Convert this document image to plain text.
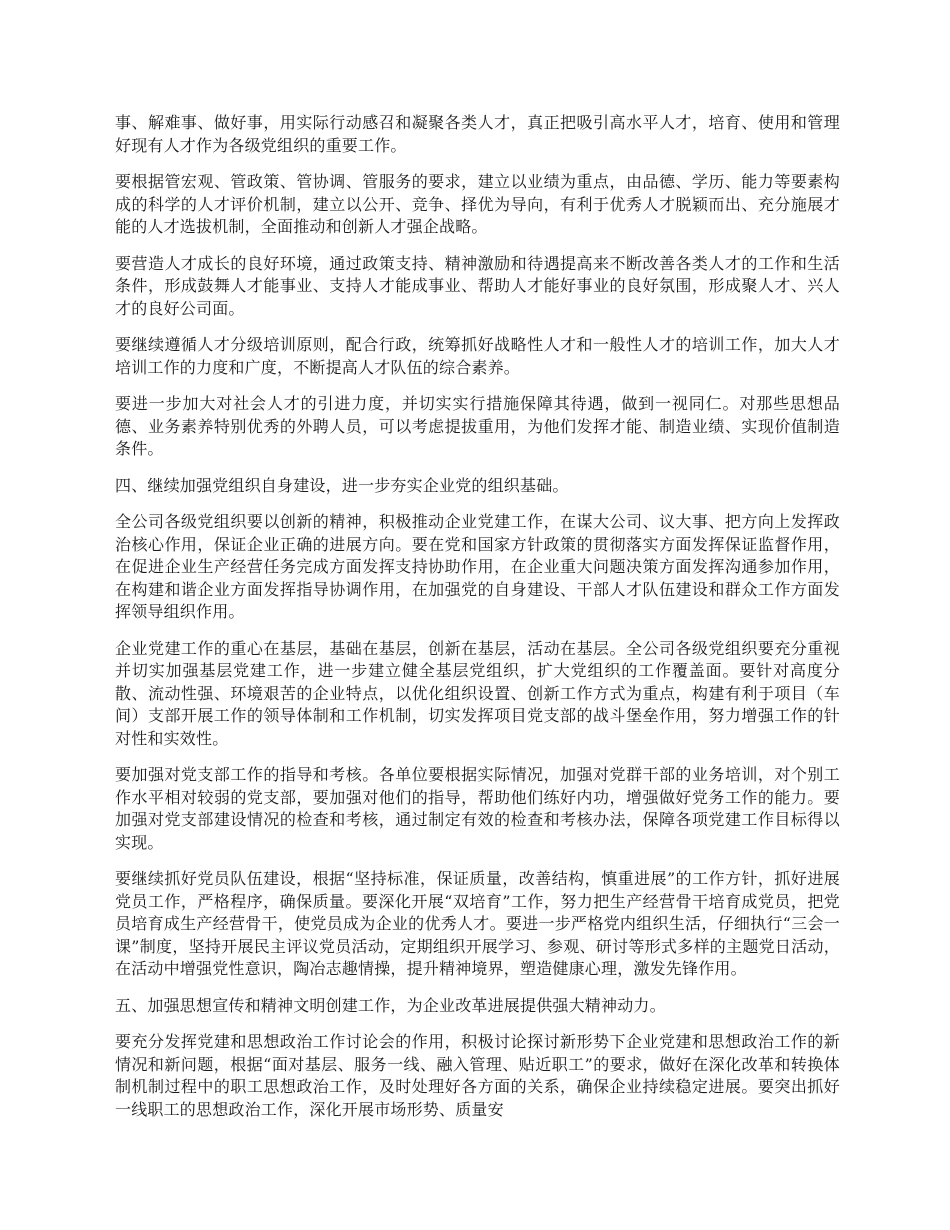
事、解难事、做好事，用实际行动感召和凝聚各类人才，真正把吸引高水平人才，培育、使用和管理好现有人才作为各级党组织的重要工作。

要根据管宏观、管政策、管协调、管服务的要求，建立以业绩为重点，由品德、学历、能力等要素构成的科学的人才评价机制，建立以公开、竞争、择优为导向，有利于优秀人才脱颖而出、充分施展才能的人才选拔机制，全面推动和创新人才强企战略。

要营造人才成长的良好环境，通过政策支持、精神激励和待遇提高来不断改善各类人才的工作和生活条件，形成鼓舞人才能事业、支持人才能成事业、帮助人才能好事业的良好氛围，形成聚人才、兴人才的良好公司面。

要继续遵循人才分级培训原则，配合行政，统筹抓好战略性人才和一般性人才的培训工作，加大人才培训工作的力度和广度，不断提高人才队伍的综合素养。

要进一步加大对社会人才的引进力度，并切实实行措施保障其待遇，做到一视同仁。对那些思想品德、业务素养特别优秀的外聘人员，可以考虑提拔重用，为他们发挥才能、制造业绩、实现价值制造条件。

四、继续加强党组织自身建设，进一步夯实企业党的组织基础。

全公司各级党组织要以创新的精神，积极推动企业党建工作，在谋大公司、议大事、把方向上发挥政治核心作用，保证企业正确的进展方向。要在党和国家方针政策的贯彻落实方面发挥保证监督作用，在促进企业生产经营任务完成方面发挥支持协助作用，在企业重大问题决策方面发挥沟通参加作用，在构建和谐企业方面发挥指导协调作用，在加强党的自身建设、干部人才队伍建设和群众工作方面发挥领导组织作用。

企业党建工作的重心在基层，基础在基层，创新在基层，活动在基层。全公司各级党组织要充分重视并切实加强基层党建工作，进一步建立健全基层党组织，扩大党组织的工作覆盖面。要针对高度分散、流动性强、环境艰苦的企业特点，以优化组织设置、创新工作方式为重点，构建有利于项目（车间）支部开展工作的领导体制和工作机制，切实发挥项目党支部的战斗堡垒作用，努力增强工作的针对性和实效性。

要加强对党支部工作的指导和考核。各单位要根据实际情况，加强对党群干部的业务培训，对个别工作水平相对较弱的党支部，要加强对他们的指导，帮助他们练好内功，增强做好党务工作的能力。要加强对党支部建设情况的检查和考核，通过制定有效的检查和考核办法，保障各项党建工作目标得以实现。

要继续抓好党员队伍建设，根据“坚持标准，保证质量，改善结构，慎重进展”的工作方针，抓好进展党员工作，严格程序，确保质量。要深化开展“双培育”工作，努力把生产经营骨干培育成党员，把党员培育成生产经营骨干，使党员成为企业的优秀人才。要进一步严格党内组织生活，仔细执行“三会一课”制度，坚持开展民主评议党员活动，定期组织开展学习、参观、研讨等形式多样的主题党日活动，在活动中增强党性意识，陶冶志趣情操，提升精神境界，塑造健康心理，激发先锋作用。

五、加强思想宣传和精神文明创建工作，为企业改革进展提供强大精神动力。

要充分发挥党建和思想政治工作讨论会的作用，积极讨论探讨新形势下企业党建和思想政治工作的新情况和新问题，根据“面对基层、服务一线、融入管理、贴近职工”的要求，做好在深化改革和转换体制机制过程中的职工思想政治工作，及时处理好各方面的关系，确保企业持续稳定进展。要突出抓好一线职工的思想政治工作，深化开展市场形势、质量安
